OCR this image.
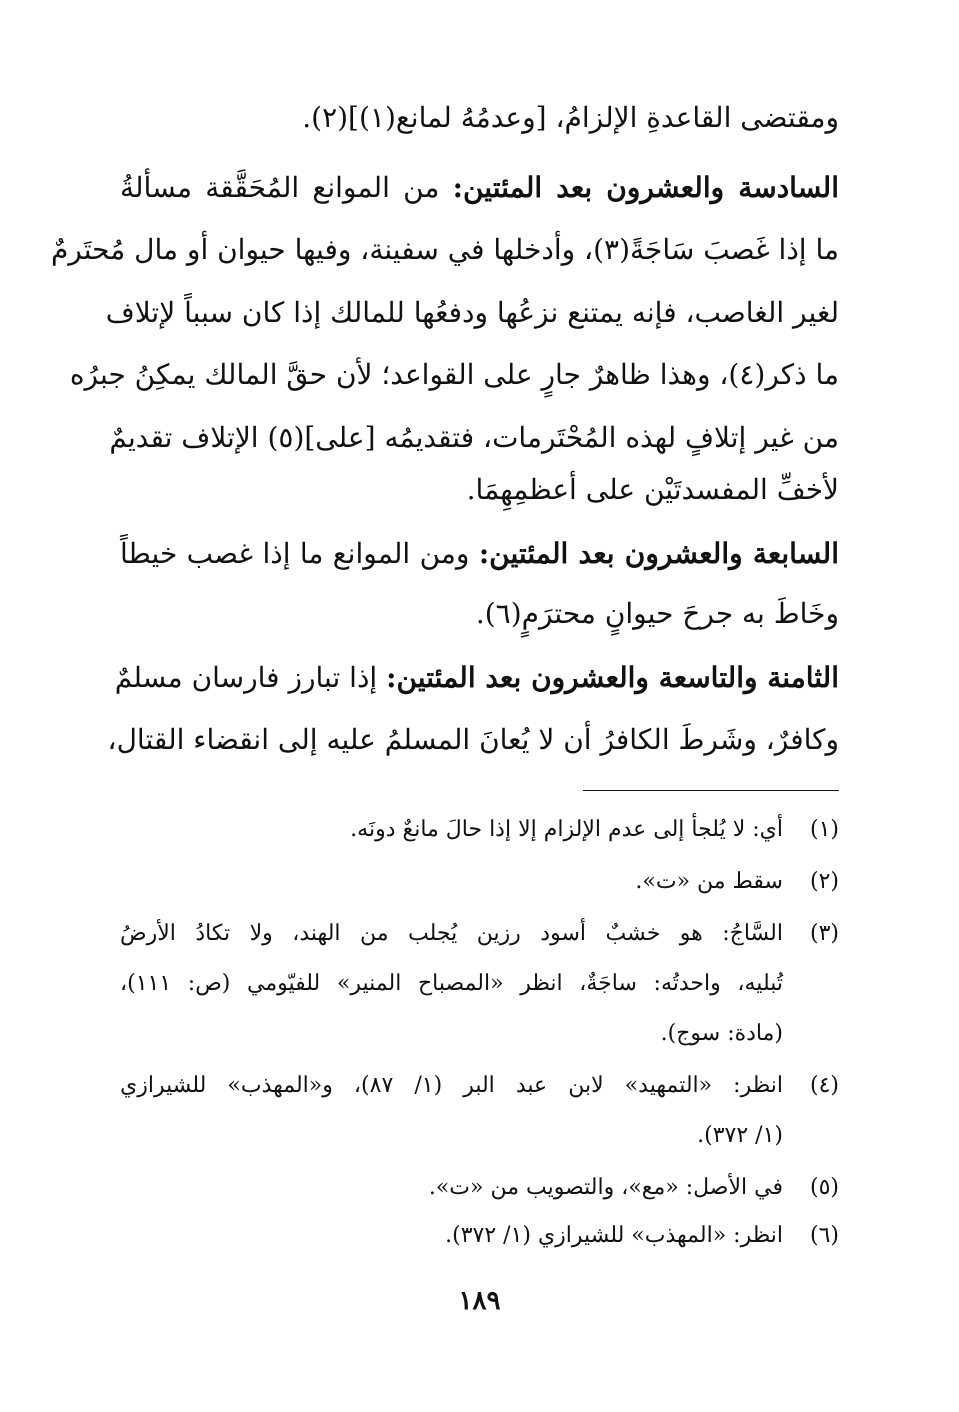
ومقتضى القاعدةِ الإلزامُ، [وعدمُهُ لمانع(١)](٢).

السادسة والعشرون بعد المئتين: من الموانع المُحَقَّقة مسألةُ

ما إذا غَصبَ سَاجَةً(٣)، وأدخلها في سفينة، وفيها حيوان أو مال مُحتَرمٌ

لغير الغاصب، فإنه يمتنع نزعُها ودفعُها للمالك إذا كان سبباً لإتلاف

ما ذكر(٤)، وهذا ظاهرٌ جارٍ على القواعد؛ لأن حقَّ المالك يمكِنُ جبرُه

من غير إتلافٍ لهذه المُحْتَرمات، فتقديمُه [على](٥) الإتلاف تقديمٌ

لأخفِّ المفسدتَيْن على أعظمِهِمَا.

السابعة والعشرون بعد المئتين: ومن الموانع ما إذا غصب خيطاً

وخَاطَ به جرحَ حيوانٍ محترَمٍ(٦).

الثامنة والتاسعة والعشرون بعد المئتين: إذا تبارز فارسان مسلمٌ

وكافرٌ، وشَرطَ الكافرُ أن لا يُعانَ المسلمُ عليه إلى انقضاء القتال،

(١)

أي: لا يُلجأ إلى عدم الإلزام إلا إذا حالَ مانعٌ دونَه.

(٢)

سقط من «ت».

(٣)

السَّاجُ: هو خشبٌ أسود رزين يُجلب من الهند، ولا تكادُ الأرضُ

تُبليه، واحدتُه: ساجَةٌ، انظر «المصباح المنير» للفيّومي (ص: ١١١)،

(مادة: سوج).

(٤)

انظر: «التمهيد» لابن عبد البر (١/ ٨٧)، و«المهذب» للشيرازي

(١/ ٣٧٢).

(٥)

في الأصل: «مع»، والتصويب من «ت».

(٦)

انظر: «المهذب» للشيرازي (١/ ٣٧٢).

١٨٩
